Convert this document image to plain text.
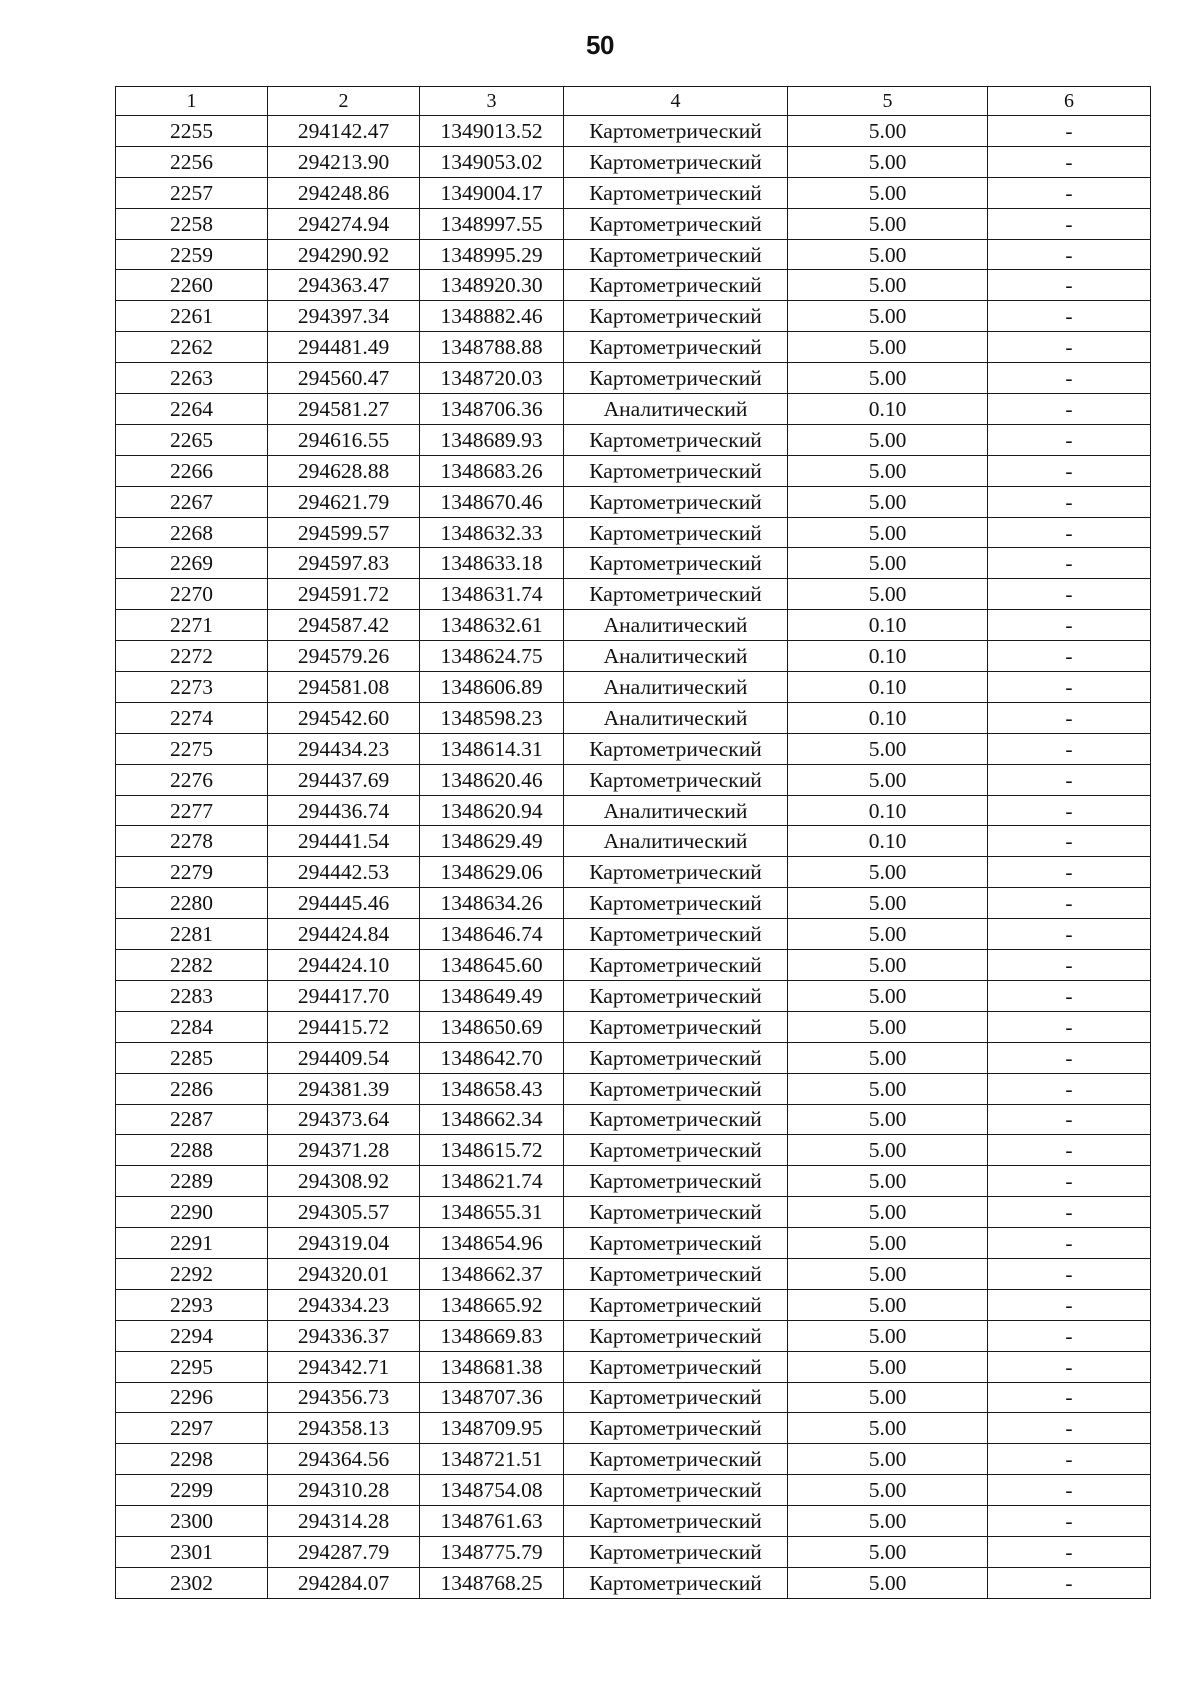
50
1	2	3	4	5	6
2255	294142.47	1349013.52	Картометрический	5.00	-
2256	294213.90	1349053.02	Картометрический	5.00	-
2257	294248.86	1349004.17	Картометрический	5.00	-
2258	294274.94	1348997.55	Картометрический	5.00	-
2259	294290.92	1348995.29	Картометрический	5.00	-
2260	294363.47	1348920.30	Картометрический	5.00	-
2261	294397.34	1348882.46	Картометрический	5.00	-
2262	294481.49	1348788.88	Картометрический	5.00	-
2263	294560.47	1348720.03	Картометрический	5.00	-
2264	294581.27	1348706.36	Аналитический	0.10	-
2265	294616.55	1348689.93	Картометрический	5.00	-
2266	294628.88	1348683.26	Картометрический	5.00	-
2267	294621.79	1348670.46	Картометрический	5.00	-
2268	294599.57	1348632.33	Картометрический	5.00	-
2269	294597.83	1348633.18	Картометрический	5.00	-
2270	294591.72	1348631.74	Картометрический	5.00	-
2271	294587.42	1348632.61	Аналитический	0.10	-
2272	294579.26	1348624.75	Аналитический	0.10	-
2273	294581.08	1348606.89	Аналитический	0.10	-
2274	294542.60	1348598.23	Аналитический	0.10	-
2275	294434.23	1348614.31	Картометрический	5.00	-
2276	294437.69	1348620.46	Картометрический	5.00	-
2277	294436.74	1348620.94	Аналитический	0.10	-
2278	294441.54	1348629.49	Аналитический	0.10	-
2279	294442.53	1348629.06	Картометрический	5.00	-
2280	294445.46	1348634.26	Картометрический	5.00	-
2281	294424.84	1348646.74	Картометрический	5.00	-
2282	294424.10	1348645.60	Картометрический	5.00	-
2283	294417.70	1348649.49	Картометрический	5.00	-
2284	294415.72	1348650.69	Картометрический	5.00	-
2285	294409.54	1348642.70	Картометрический	5.00	-
2286	294381.39	1348658.43	Картометрический	5.00	-
2287	294373.64	1348662.34	Картометрический	5.00	-
2288	294371.28	1348615.72	Картометрический	5.00	-
2289	294308.92	1348621.74	Картометрический	5.00	-
2290	294305.57	1348655.31	Картометрический	5.00	-
2291	294319.04	1348654.96	Картометрический	5.00	-
2292	294320.01	1348662.37	Картометрический	5.00	-
2293	294334.23	1348665.92	Картометрический	5.00	-
2294	294336.37	1348669.83	Картометрический	5.00	-
2295	294342.71	1348681.38	Картометрический	5.00	-
2296	294356.73	1348707.36	Картометрический	5.00	-
2297	294358.13	1348709.95	Картометрический	5.00	-
2298	294364.56	1348721.51	Картометрический	5.00	-
2299	294310.28	1348754.08	Картометрический	5.00	-
2300	294314.28	1348761.63	Картометрический	5.00	-
2301	294287.79	1348775.79	Картометрический	5.00	-
2302	294284.07	1348768.25	Картометрический	5.00	-
